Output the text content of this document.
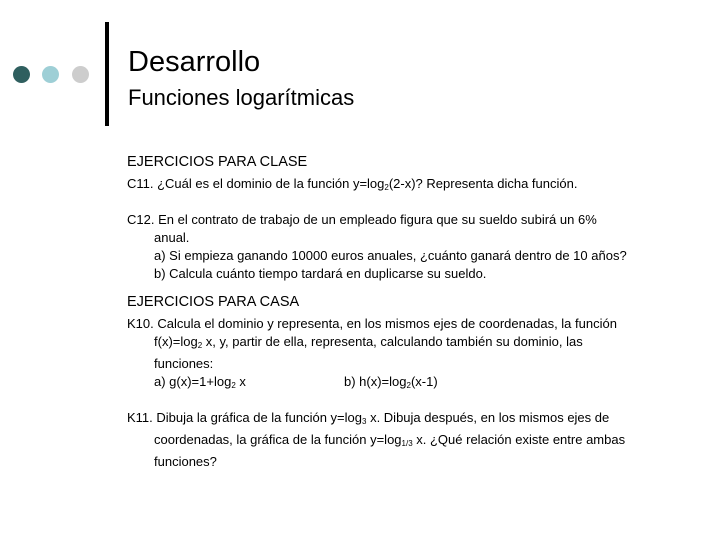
Desarrollo
Funciones logarítmicas
EJERCICIOS PARA CLASE
C11. ¿Cuál es el dominio de la función $y=\log_2(2-x)$? Representa dicha función.
C12. En el contrato de trabajo de un empleado figura que su sueldo subirá un 6%
anual.
a) Si empieza ganando 10000 euros anuales, ¿cuánto ganará dentro de 10 años?
b) Calcula cuánto tiempo tardará en duplicarse su sueldo.
EJERCICIOS PARA CASA
K10. Calcula el dominio y representa, en los mismos ejes de coordenadas, la función
$f(x)=\log_2$ x, y, partir de ella, representa, calculando también su dominio, las
funciones:
a) $g(x)=1+\log_2$ x	b) $h(x)=\log_2(x-1)$
K11. Dibuja la gráfica de la función $y=\log_3$ x. Dibuja después, en los mismos ejes de
coordenadas, la gráfica de la función $y=\log_{1/3}$ x. ¿Qué relación existe entre ambas
funciones?
